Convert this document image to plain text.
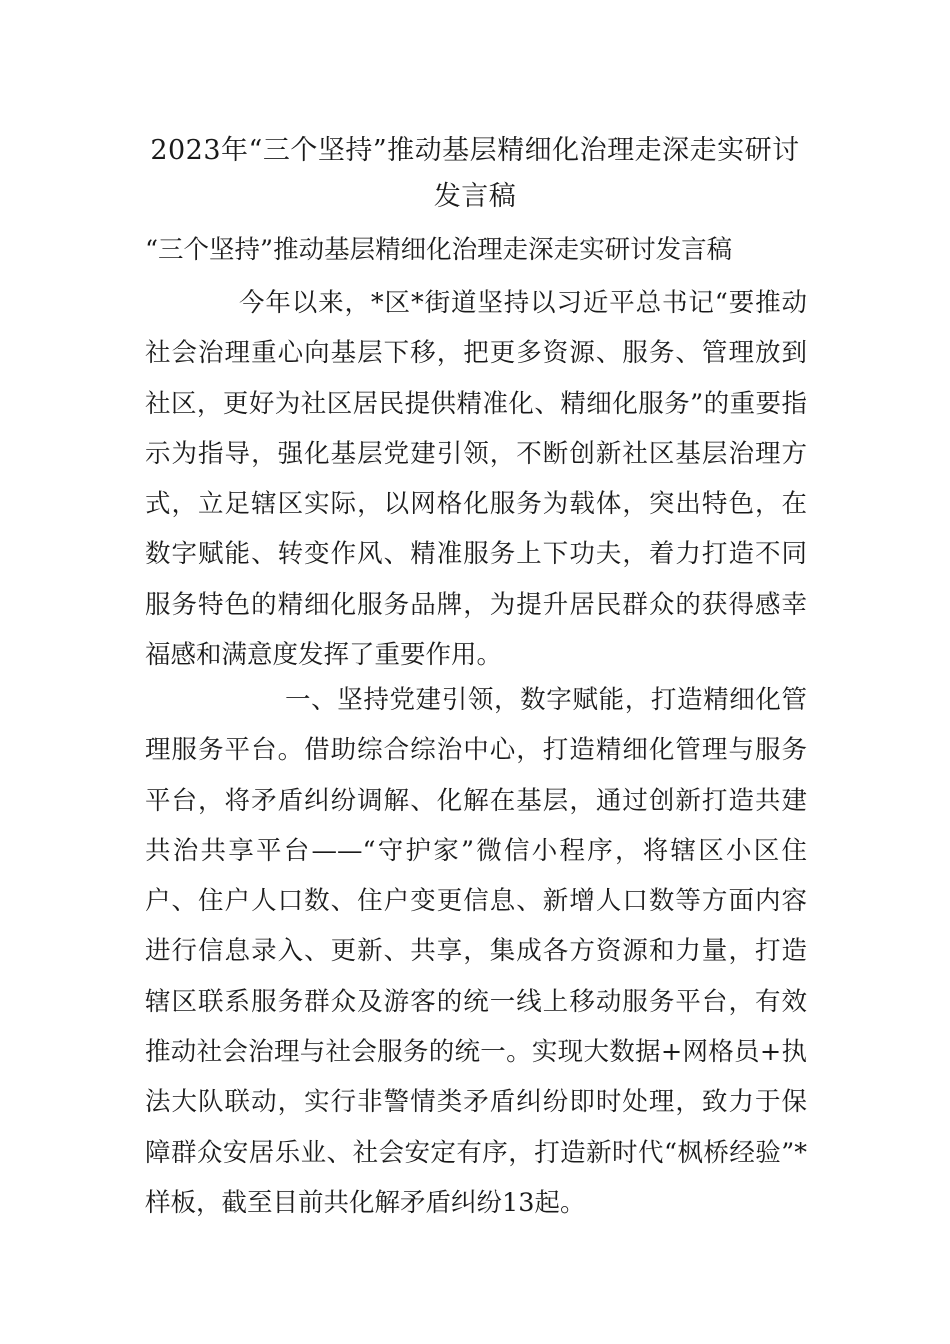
2023年“三个坚持”推动基层精细化治理走深走实研讨发言稿

“三个坚持”推动基层精细化治理走深走实研讨发言稿

今年以来，*区*街道坚持以习近平总书记“要推动社会治理重心向基层下移，把更多资源、服务、管理放到社区，更好为社区居民提供精准化、精细化服务”的重要指示为指导，强化基层党建引领，不断创新社区基层治理方式，立足辖区实际，以网格化服务为载体，突出特色，在数字赋能、转变作风、精准服务上下功夫，着力打造不同服务特色的精细化服务品牌，为提升居民群众的获得感幸福感和满意度发挥了重要作用。

一、坚持党建引领，数字赋能，打造精细化管理服务平台。借助综合综治中心，打造精细化管理与服务平台，将矛盾纠纷调解、化解在基层，通过创新打造共建共治共享平台——“守护家”微信小程序，将辖区小区住户、住户人口数、住户变更信息、新增人口数等方面内容进行信息录入、更新、共享，集成各方资源和力量，打造辖区联系服务群众及游客的统一线上移动服务平台，有效推动社会治理与社会服务的统一。实现大数据+网格员+执法大队联动，实行非警情类矛盾纠纷即时处理，致力于保障群众安居乐业、社会安定有序，打造新时代“枫桥经验”*样板，截至目前共化解矛盾纠纷13起。
